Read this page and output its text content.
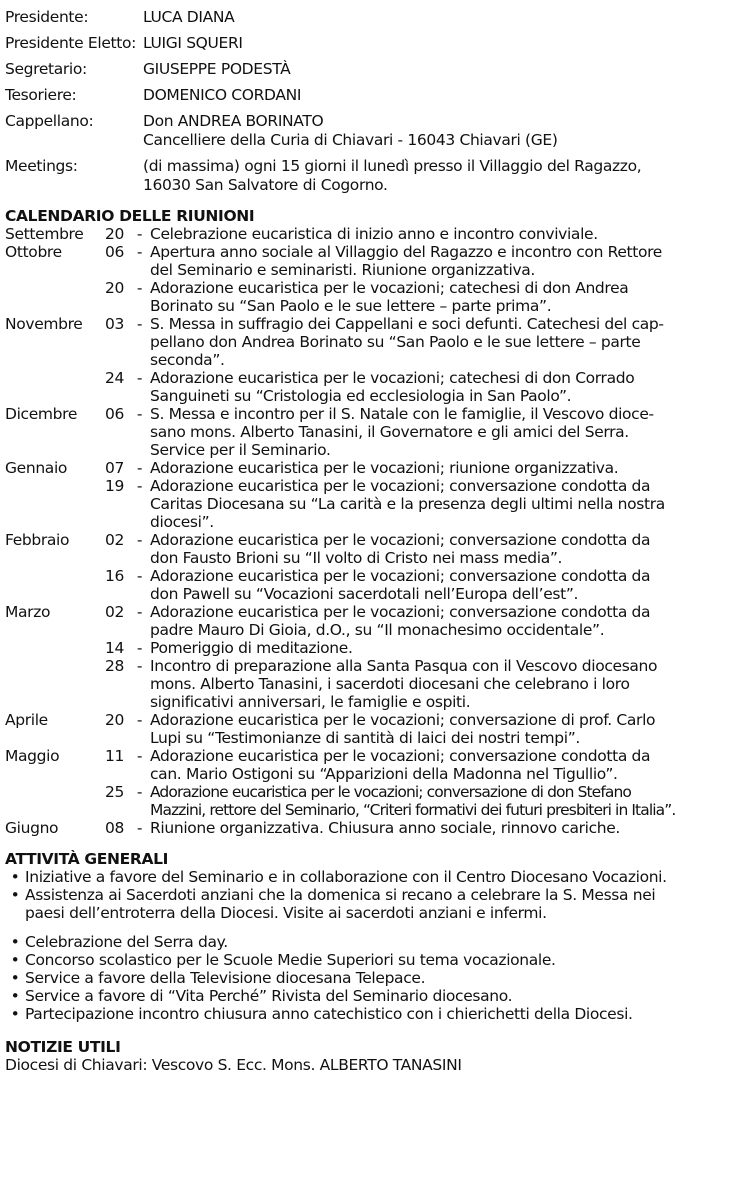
Presidente:	LUCA DIANA
Presidente Eletto: LUIGI SQUERI
Segretario:	GIUSEPPE PODESTÀ
Tesoriere:	DOMENICO CORDANI
Cappellano:	Don ANDREA BORINATO
Cancelliere della Curia di Chiavari - 16043 Chiavari (GE)
Meetings:	(di massima) ogni 15 giorni il lunedì presso il Villaggio del Ragazzo,
16030 San Salvatore di Cogorno.
CALENDARIO DELLE RIUNIONI
Settembre	20 - Celebrazione eucaristica di inizio anno e incontro conviviale.
Ottobre	06 - Apertura anno sociale al Villaggio del Ragazzo e incontro con Rettore
del Seminario e seminaristi. Riunione organizzativa.
20 - Adorazione eucaristica per le vocazioni; catechesi di don Andrea
Borinato su “San Paolo e le sue lettere – parte prima”.
Novembre	03 - S. Messa in suffragio dei Cappellani e soci defunti. Catechesi del cap-
pellano don Andrea Borinato su “San Paolo e le sue lettere – parte
seconda”.
24 - Adorazione eucaristica per le vocazioni; catechesi di don Corrado
Sanguineti su “Cristologia ed ecclesiologia in San Paolo”.
Dicembre	06 - S. Messa e incontro per il S. Natale con le famiglie, il Vescovo dioce-
sano mons. Alberto Tanasini, il Governatore e gli amici del Serra.
Service per il Seminario.
Gennaio	07 - Adorazione eucaristica per le vocazioni; riunione organizzativa.
19 - Adorazione eucaristica per le vocazioni; conversazione condotta da
Caritas Diocesana su “La carità e la presenza degli ultimi nella nostra
diocesi”.
Febbraio	02 - Adorazione eucaristica per le vocazioni; conversazione condotta da
don Fausto Brioni su “Il volto di Cristo nei mass media”.
16 - Adorazione eucaristica per le vocazioni; conversazione condotta da
don Pawell su “Vocazioni sacerdotali nell’Europa dell’est”.
Marzo	02 - Adorazione eucaristica per le vocazioni; conversazione condotta da
padre Mauro Di Gioia, d.O., su “Il monachesimo occidentale”.
14 - Pomeriggio di meditazione.
28 - Incontro di preparazione alla Santa Pasqua con il Vescovo diocesano
mons. Alberto Tanasini, i sacerdoti diocesani che celebrano i loro
significativi anniversari, le famiglie e ospiti.
Aprile	20 - Adorazione eucaristica per le vocazioni; conversazione di prof. Carlo
Lupi su “Testimonianze di santità di laici dei nostri tempi”.
Maggio	11 - Adorazione eucaristica per le vocazioni; conversazione condotta da
can. Mario Ostigoni su “Apparizioni della Madonna nel Tigullio”.
25 - Adorazione eucaristica per le vocazioni; conversazione di don Stefano
Mazzini, rettore del Seminario, “Criteri formativi dei futuri presbiteri in Italia”.
Giugno	08 - Riunione organizzativa. Chiusura anno sociale, rinnovo cariche.
ATTIVITÀ GENERALI
• Iniziative a favore del Seminario e in collaborazione con il Centro Diocesano Vocazioni.
• Assistenza ai Sacerdoti anziani che la domenica si recano a celebrare la S. Messa nei
paesi dell’entroterra della Diocesi. Visite ai sacerdoti anziani e infermi.
• Celebrazione del Serra day.
• Concorso scolastico per le Scuole Medie Superiori su tema vocazionale.
• Service a favore della Televisione diocesana Telepace.
• Service a favore di “Vita Perché” Rivista del Seminario diocesano.
• Partecipazione incontro chiusura anno catechistico con i chierichetti della Diocesi.
NOTIZIE UTILI
Diocesi di Chiavari: Vescovo S. Ecc. Mons. ALBERTO TANASINI
